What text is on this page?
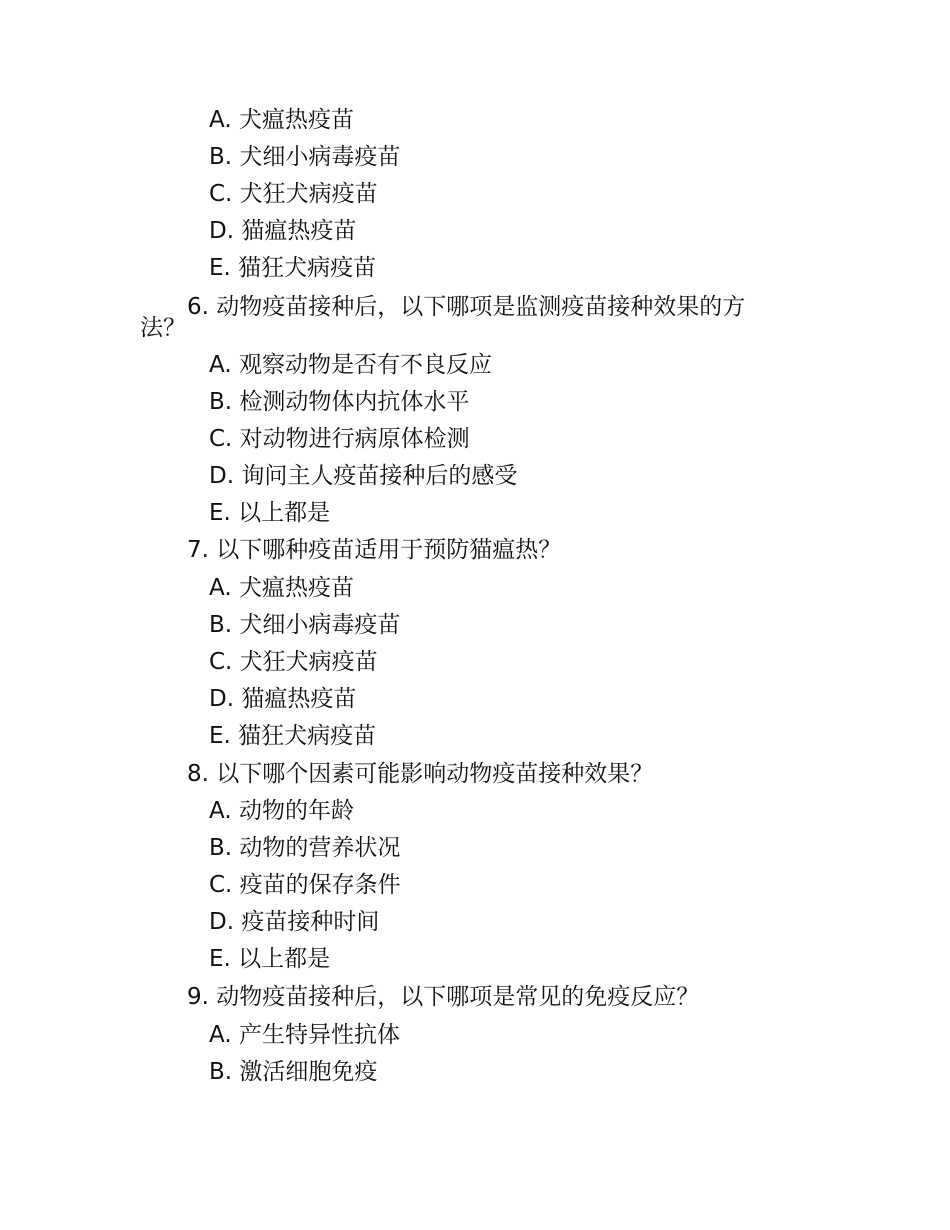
A. 犬瘟热疫苗
B. 犬细小病毒疫苗
C. 犬狂犬病疫苗
D. 猫瘟热疫苗
E. 猫狂犬病疫苗
6. 动物疫苗接种后，以下哪项是监测疫苗接种效果的方
法？
A. 观察动物是否有不良反应
B. 检测动物体内抗体水平
C. 对动物进行病原体检测
D. 询问主人疫苗接种后的感受
E. 以上都是
7. 以下哪种疫苗适用于预防猫瘟热？
A. 犬瘟热疫苗
B. 犬细小病毒疫苗
C. 犬狂犬病疫苗
D. 猫瘟热疫苗
E. 猫狂犬病疫苗
8. 以下哪个因素可能影响动物疫苗接种效果？
A. 动物的年龄
B. 动物的营养状况
C. 疫苗的保存条件
D. 疫苗接种时间
E. 以上都是
9. 动物疫苗接种后，以下哪项是常见的免疫反应？
A. 产生特异性抗体
B. 激活细胞免疫
